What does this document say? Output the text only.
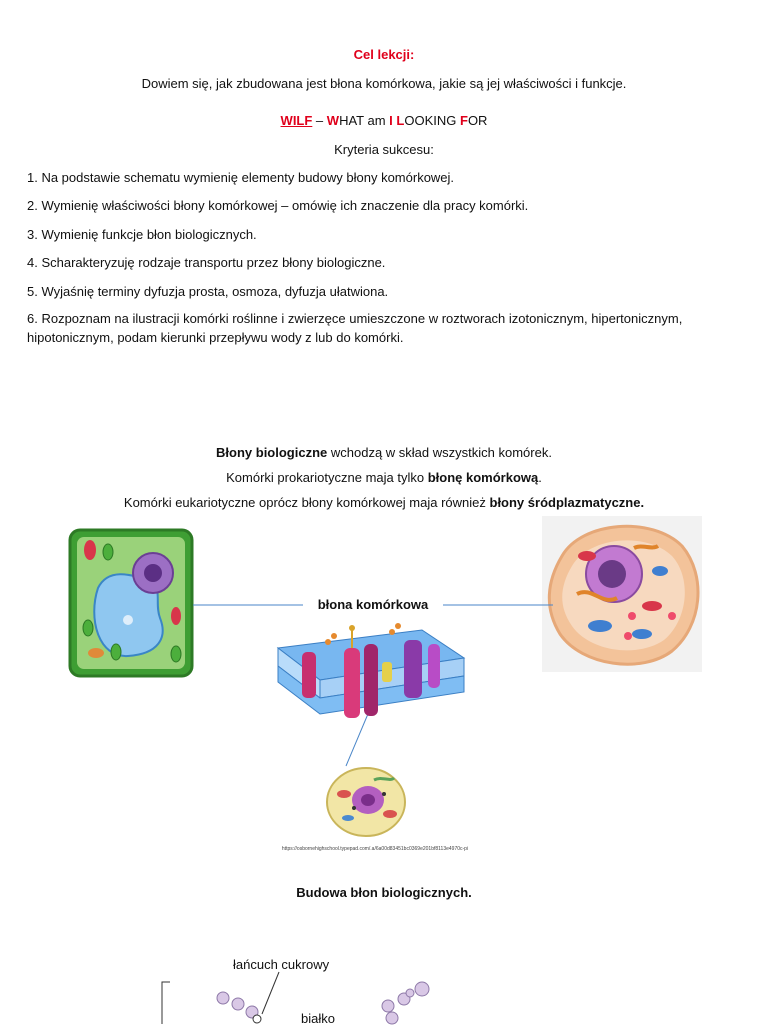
Cel lekcji:
Dowiem się, jak zbudowana jest błona komórkowa, jakie są jej właściwości i funkcje.
WILF – WHAT am I LOOKING FOR
Kryteria sukcesu:
1. Na podstawie schematu wymienię elementy budowy błony komórkowej.
2. Wymienię właściwości błony komórkowej – omówię ich znaczenie dla pracy komórki.
3. Wymienię funkcje błon biologicznych.
4. Scharakteryzuję rodzaje transportu przez błony biologiczne.
5. Wyjaśnię terminy dyfuzja prosta, osmoza, dyfuzja ułatwiona.
6. Rozpoznam na ilustracji komórki roślinne i zwierzęce umieszczone w roztworach izotonicznym, hipertonicznym, hipotonicznym, podam kierunki przepływu wody z lub do komórki.
Błony biologiczne wchodzą w skład wszystkich komórek.
Komórki prokariotyczne maja tylko błonę komórkową.
Komórki eukariotyczne oprócz błony komórkowej maja również błony śródplazmatyczne.
błona komórkowa
https://osbornehighschool.typepad.com/.a/6a00d83451bc0369e201bf8113e4970c-pi
Budowa błon biologicznych.
łańcuch cukrowy
białko
